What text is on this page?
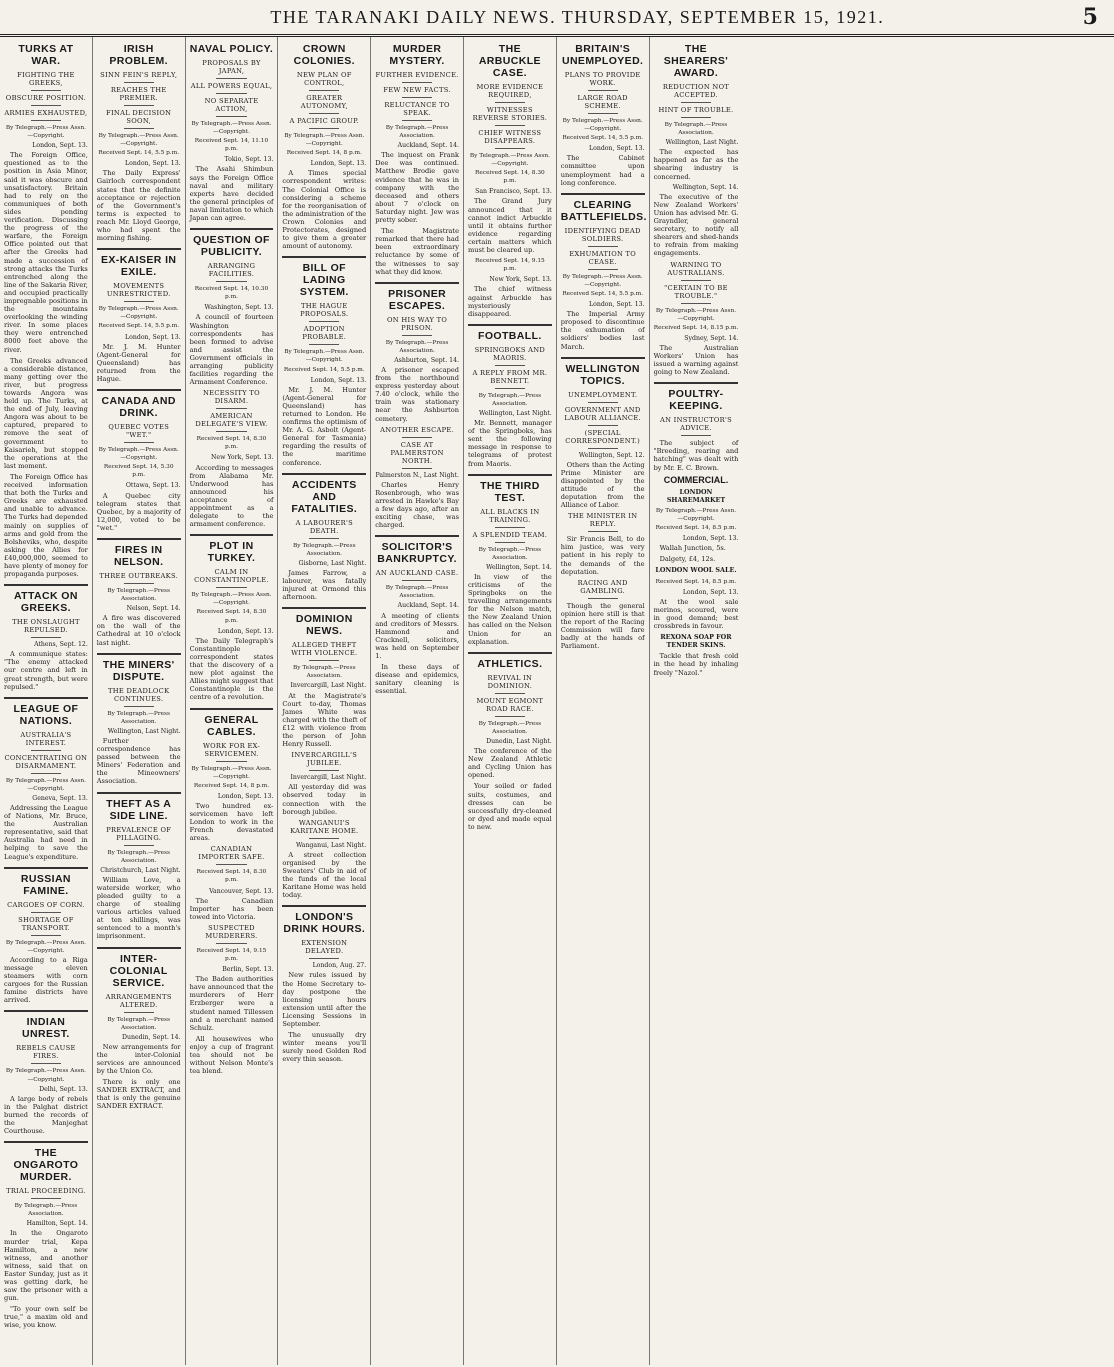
THE TARANAKI DAILY NEWS. THURSDAY, SEPTEMBER 15, 1921.	5
TURKS AT WAR.
FIGHTING THE GREEKS,
OBSCURE POSITION.
ARMIES EXHAUSTED,
By Telegraph.—Press Assn.—Copyright.
London, Sept. 13.
The Foreign Office, questioned as to the position in Asia Minor, said it was obscure and unsatisfactory. Britain had to rely on the communiques of both sides pending verification. Discussing the progress of the warfare, the Foreign Office pointed out that after the Greeks had made a succession of strong attacks the Turks entrenched along the line of the Sakaria River, and occupied practically impregnable positions in the mountains overlooking the winding river. In some places they were entrenched 8000 feet above the river.
The Greeks advanced a considerable distance, many getting over the river, but progress towards Angora was held up. The Turks, at the end of July, leaving Angora was about to be captured, prepared to remove the seat of government to Kaisarieh, but stopped the operations at the last moment.
The Foreign Office has received information that both the Turks and Greeks are exhausted and unable to advance. The Turks had depended mainly on supplies of arms and gold from the Bolsheviks, who, despite asking the Allies for £40,000,000, seemed to have plenty of money for propaganda purposes.
ATTACK ON GREEKS.
THE ONSLAUGHT REPULSED.
Athens, Sept. 12.
A communique states: "The enemy attacked our centre and left in great strength, but were repulsed."
LEAGUE OF NATIONS.
AUSTRALIA'S INTEREST.
CONCENTRATING ON DISARMAMENT.
By Telegraph.—Press Assn.—Copyright.
Geneva, Sept. 13.
Addressing the League of Nations, Mr. Bruce, the Australian representative, said that Australia had need in helping to save the League's expenditure.
RUSSIAN FAMINE.
CARGOES OF CORN.
SHORTAGE OF TRANSPORT.
By Telegraph.—Press Assn.—Copyright.
According to a Riga message eleven steamers with corn cargoes for the Russian famine districts have arrived.
INDIAN UNREST.
REBELS CAUSE FIRES.
By Telegraph.—Press Assn.—Copyright.
Delhi, Sept. 13.
A large body of rebels in the Palghat district burned the records of the Manjeghat Courthouse.
THE ONGAROTO MURDER.
TRIAL PROCEEDING.
By Telegraph.—Press Association.
Hamilton, Sept. 14.
In the Ongaroto murder trial, Kepa Hamilton, a new witness, and another witness, said that on Easter Sunday, just as it was getting dark, he saw the prisoner with a gun.
"To your own self be true," a maxim old and wise, you know.
IRISH PROBLEM.
SINN FEIN'S REPLY,
REACHES THE PREMIER.
FINAL DECISION SOON,
By Telegraph.—Press Assn.—Copyright.
Received Sept. 14, 5.5 p.m.
London, Sept. 13.
The Daily Express' Gairloch correspondent states that the definite acceptance or rejection of the Government's terms is expected to reach Mr. Lloyd George, who had spent the morning fishing.
EX-KAISER IN EXILE.
MOVEMENTS UNRESTRICTED.
By Telegraph.—Press Assn.—Copyright.
Received Sept. 14, 5.5 p.m.
London, Sept. 13.
Mr. J. M. Hunter (Agent-General for Queensland) has returned from the Hague.
CANADA AND DRINK.
QUEBEC VOTES "WET."
By Telegraph.—Press Assn.—Copyright.
Received Sept. 14, 5.30 p.m.
Ottawa, Sept. 13.
A Quebec city telegram states that Quebec, by a majority of 12,000, voted to be "wet."
FIRES IN NELSON.
THREE OUTBREAKS.
By Telegraph.—Press Association.
Nelson, Sept. 14.
A fire was discovered on the wall of the Cathedral at 10 o'clock last night.
THE MINERS' DISPUTE.
THE DEADLOCK CONTINUES.
By Telegraph.—Press Association.
Wellington, Last Night.
Further correspondence has passed between the Miners' Federation and the Mineowners' Association.
THEFT AS A SIDE LINE.
PREVALENCE OF PILLAGING.
By Telegraph.—Press Association.
Christchurch, Last Night.
William Love, a waterside worker, who pleaded guilty to a charge of stealing various articles valued at ten shillings, was sentenced to a month's imprisonment.
INTER-COLONIAL SERVICE.
ARRANGEMENTS ALTERED.
By Telegraph.—Press Association.
Dunedin, Sept. 14.
New arrangements for the inter-Colonial services are announced by the Union Co.
There is only one SANDER EXTRACT, and that is only the genuine SANDER EXTRACT.
NAVAL POLICY.
PROPOSALS BY JAPAN,
ALL POWERS EQUAL,
NO SEPARATE ACTION,
By Telegraph.—Press Assn.—Copyright.
Received Sept. 14, 11.10 p.m.
Tokio, Sept. 13.
The Asahi Shimbun says the Foreign Office naval and military experts have decided the general principles of naval limitation to which Japan can agree.
QUESTION OF PUBLICITY.
ARRANGING FACILITIES.
Received Sept. 14, 10.30 p.m.
Washington, Sept. 13.
A council of fourteen Washington correspondents has been formed to advise and assist the Government officials in arranging publicity facilities regarding the Armament Conference.
NECESSITY TO DISARM.
AMERICAN DELEGATE'S VIEW.
Received Sept. 14, 8.30 p.m.
New York, Sept. 13.
According to messages from Alabama Mr. Underwood has announced his acceptance of appointment as a delegate to the armament conference.
PLOT IN TURKEY.
CALM IN CONSTANTINOPLE.
By Telegraph.—Press Assn.—Copyright.
Received Sept. 14, 8.30 p.m.
London, Sept. 13.
The Daily Telegraph's Constantinople correspondent states that the discovery of a new plot against the Allies might suggest that Constantinople is the centre of a revolution.
GENERAL CABLES.
WORK FOR EX-SERVICEMEN.
By Telegraph.—Press Assn.—Copyright.
Received Sept. 14, 8 p.m.
London, Sept. 13.
Two hundred ex-servicemen have left London to work in the French devastated areas.
CANADIAN IMPORTER SAFE.
Received Sept. 14, 8.30 p.m.
Vancouver, Sept. 13.
The Canadian Importer has been towed into Victoria.
SUSPECTED MURDERERS.
Received Sept. 14, 9.15 p.m.
Berlin, Sept. 13.
The Baden authorities have announced that the murderers of Herr Erzberger were a student named Tillessen and a merchant named Schulz.
All housewives who enjoy a cup of fragrant tea should not be without Nelson Monte's tea blend.
CROWN COLONIES.
NEW PLAN OF CONTROL,
GREATER AUTONOMY,
A PACIFIC GROUP.
By Telegraph.—Press Assn.—Copyright.
Received Sept. 14, 8 p.m.
London, Sept. 13.
A Times special correspondent writes: The Colonial Office is considering a scheme for the reorganisation of the administration of the Crown Colonies and Protectorates, designed to give them a greater amount of autonomy.
BILL OF LADING SYSTEM.
THE HAGUE PROPOSALS.
ADOPTION PROBABLE.
By Telegraph.—Press Assn.—Copyright.
Received Sept. 14, 5.5 p.m.
London, Sept. 13.
Mr. J. M. Hunter (Agent-General for Queensland) has returned to London. He confirms the optimism of Mr. A. G. Asbolt (Agent-General for Tasmania) regarding the results of the maritime conference.
ACCIDENTS AND FATALITIES.
A LABOURER'S DEATH.
By Telegraph.—Press Association.
Gisborne, Last Night.
James Farrow, a labourer, was fatally injured at Ormond this afternoon.
DOMINION NEWS.
ALLEGED THEFT WITH VIOLENCE.
By Telegraph.—Press Association.
Invercargill, Last Night.
At the Magistrate's Court to-day, Thomas James White was charged with the theft of £12 with violence from the person of John Henry Russell.
INVERCARGILL'S JUBILEE.
Invercargill, Last Night.
All yesterday did was observed today in connection with the borough jubilee.
WANGANUI'S KARITANE HOME.
Wanganui, Last Night.
A street collection organised by the Sweaters' Club in aid of the funds of the local Karitane Home was held today.
LONDON'S DRINK HOURS.
EXTENSION DELAYED.
London, Aug. 27.
New rules issued by the Home Secretary to-day postpone the licensing hours extension until after the Licensing Sessions in September.
The unusually dry winter means you'll surely need Golden Rod every thin season.
MURDER MYSTERY.
FURTHER EVIDENCE.
FEW NEW FACTS.
RELUCTANCE TO SPEAK.
By Telegraph.—Press Association.
Auckland, Sept. 14.
The inquest on Frank Dee was continued. Matthew Brodie gave evidence that he was in company with the deceased and others about 7 o'clock on Saturday night. Jew was pretty sober.
The Magistrate remarked that there had been extraordinary reluctance by some of the witnesses to say what they did know.
PRISONER ESCAPES.
ON HIS WAY TO PRISON.
By Telegraph.—Press Association.
Ashburton, Sept. 14.
A prisoner escaped from the northbound express yesterday about 7.40 o'clock, while the train was stationary near the Ashburton cemetery.
ANOTHER ESCAPE.
CASE AT PALMERSTON NORTH.
Palmerston N., Last Night.
Charles Henry Rosenbrough, who was arrested in Hawke's Bay a few days ago, after an exciting chase, was charged.
SOLICITOR'S BANKRUPTCY.
AN AUCKLAND CASE.
By Telegraph.—Press Association.
Auckland, Sept. 14.
A meeting of clients and creditors of Messrs. Hammond and Cracknell, solicitors, was held on September 1.
In these days of disease and epidemics, sanitary cleaning is essential.
THE ARBUCKLE CASE.
MORE EVIDENCE REQUIRED,
WITNESSES REVERSE STORIES.
CHIEF WITNESS DISAPPEARS.
By Telegraph.—Press Assn.—Copyright.
Received Sept. 14, 8.30 p.m.
San Francisco, Sept. 13.
The Grand Jury announced that it cannot indict Arbuckle until it obtains further evidence regarding certain matters which must be cleared up.
Received Sept. 14, 9.15 p.m.
New York, Sept. 13.
The chief witness against Arbuckle has mysteriously disappeared.
FOOTBALL.
SPRINGBOKS AND MAORIS.
A REPLY FROM MR. BENNETT.
By Telegraph.—Press Association.
Wellington, Last Night.
Mr. Bennett, manager of the Springboks, has sent the following message in response to telegrams of protest from Maoris.
THE THIRD TEST.
ALL BLACKS IN TRAINING.
A SPLENDID TEAM.
By Telegraph.—Press Association.
Wellington, Sept. 14.
In view of the criticisms of the Springboks on the travelling arrangements for the Nelson match, the New Zealand Union has called on the Nelson Union for an explanation.
ATHLETICS.
REVIVAL IN DOMINION.
MOUNT EGMONT ROAD RACE.
By Telegraph.—Press Association.
Dunedin, Last Night.
The conference of the New Zealand Athletic and Cycling Union has opened.
Your soiled or faded suits, costumes, and dresses can be successfully dry-cleaned or dyed and made equal to new.
BRITAIN'S UNEMPLOYED.
PLANS TO PROVIDE WORK.
LARGE ROAD SCHEME.
By Telegraph.—Press Assn.—Copyright.
Received Sept. 14, 5.5 p.m.
London, Sept. 13.
The Cabinet committee upon unemployment had a long conference.
CLEARING BATTLEFIELDS.
IDENTIFYING DEAD SOLDIERS.
EXHUMATION TO CEASE.
By Telegraph.—Press Assn.—Copyright.
Received Sept. 14, 5.5 p.m.
London, Sept. 13.
The Imperial Army proposed to discontinue the exhumation of soldiers' bodies last March.
WELLINGTON TOPICS.
UNEMPLOYMENT.
GOVERNMENT AND LABOUR ALLIANCE.
(SPECIAL CORRESPONDENT.)
Wellington, Sept. 12.
Others than the Acting Prime Minister are disappointed by the attitude of the deputation from the Alliance of Labor.
THE MINISTER IN REPLY.
Sir Francis Bell, to do him justice, was very patient in his reply to the demands of the deputation.
RACING AND GAMBLING.
Though the general opinion here still is that the report of the Racing Commission will fare badly at the hands of Parliament.
THE SHEARERS' AWARD.
REDUCTION NOT ACCEPTED.
HINT OF TROUBLE.
By Telegraph.—Press Association.
Wellington, Last Night.
The expected has happened as far as the shearing industry is concerned.
Wellington, Sept. 14.
The executive of the New Zealand Workers' Union has advised Mr. G. Grayndler, general secretary, to notify all shearers and shed-hands to refrain from making engagements.
WARNING TO AUSTRALIANS.
"CERTAIN TO BE TROUBLE."
By Telegraph.—Press Assn.—Copyright.
Received Sept. 14, 8.15 p.m.
Sydney, Sept. 14.
The Australian Workers' Union has issued a warning against going to New Zealand.
POULTRY-KEEPING.
AN INSTRUCTOR'S ADVICE.
The subject of "Breeding, rearing and hatching" was dealt with by Mr. E. C. Brown.
COMMERCIAL.
LONDON SHAREMARKET
By Telegraph.—Press Assn.—Copyright.
Received Sept. 14, 8.5 p.m.
London, Sept. 13.
Wallah Junction, 5s.
Dalgety, £4, 12s.
LONDON WOOL SALE.
Received Sept. 14, 8.5 p.m.
London, Sept. 13.
At the wool sale merinos, scoured, were in good demand; best crossbreds in favour.
REXONA SOAP FOR TENDER SKINS.
Tackle that fresh cold in the head by inhaling freely "Nazol."
